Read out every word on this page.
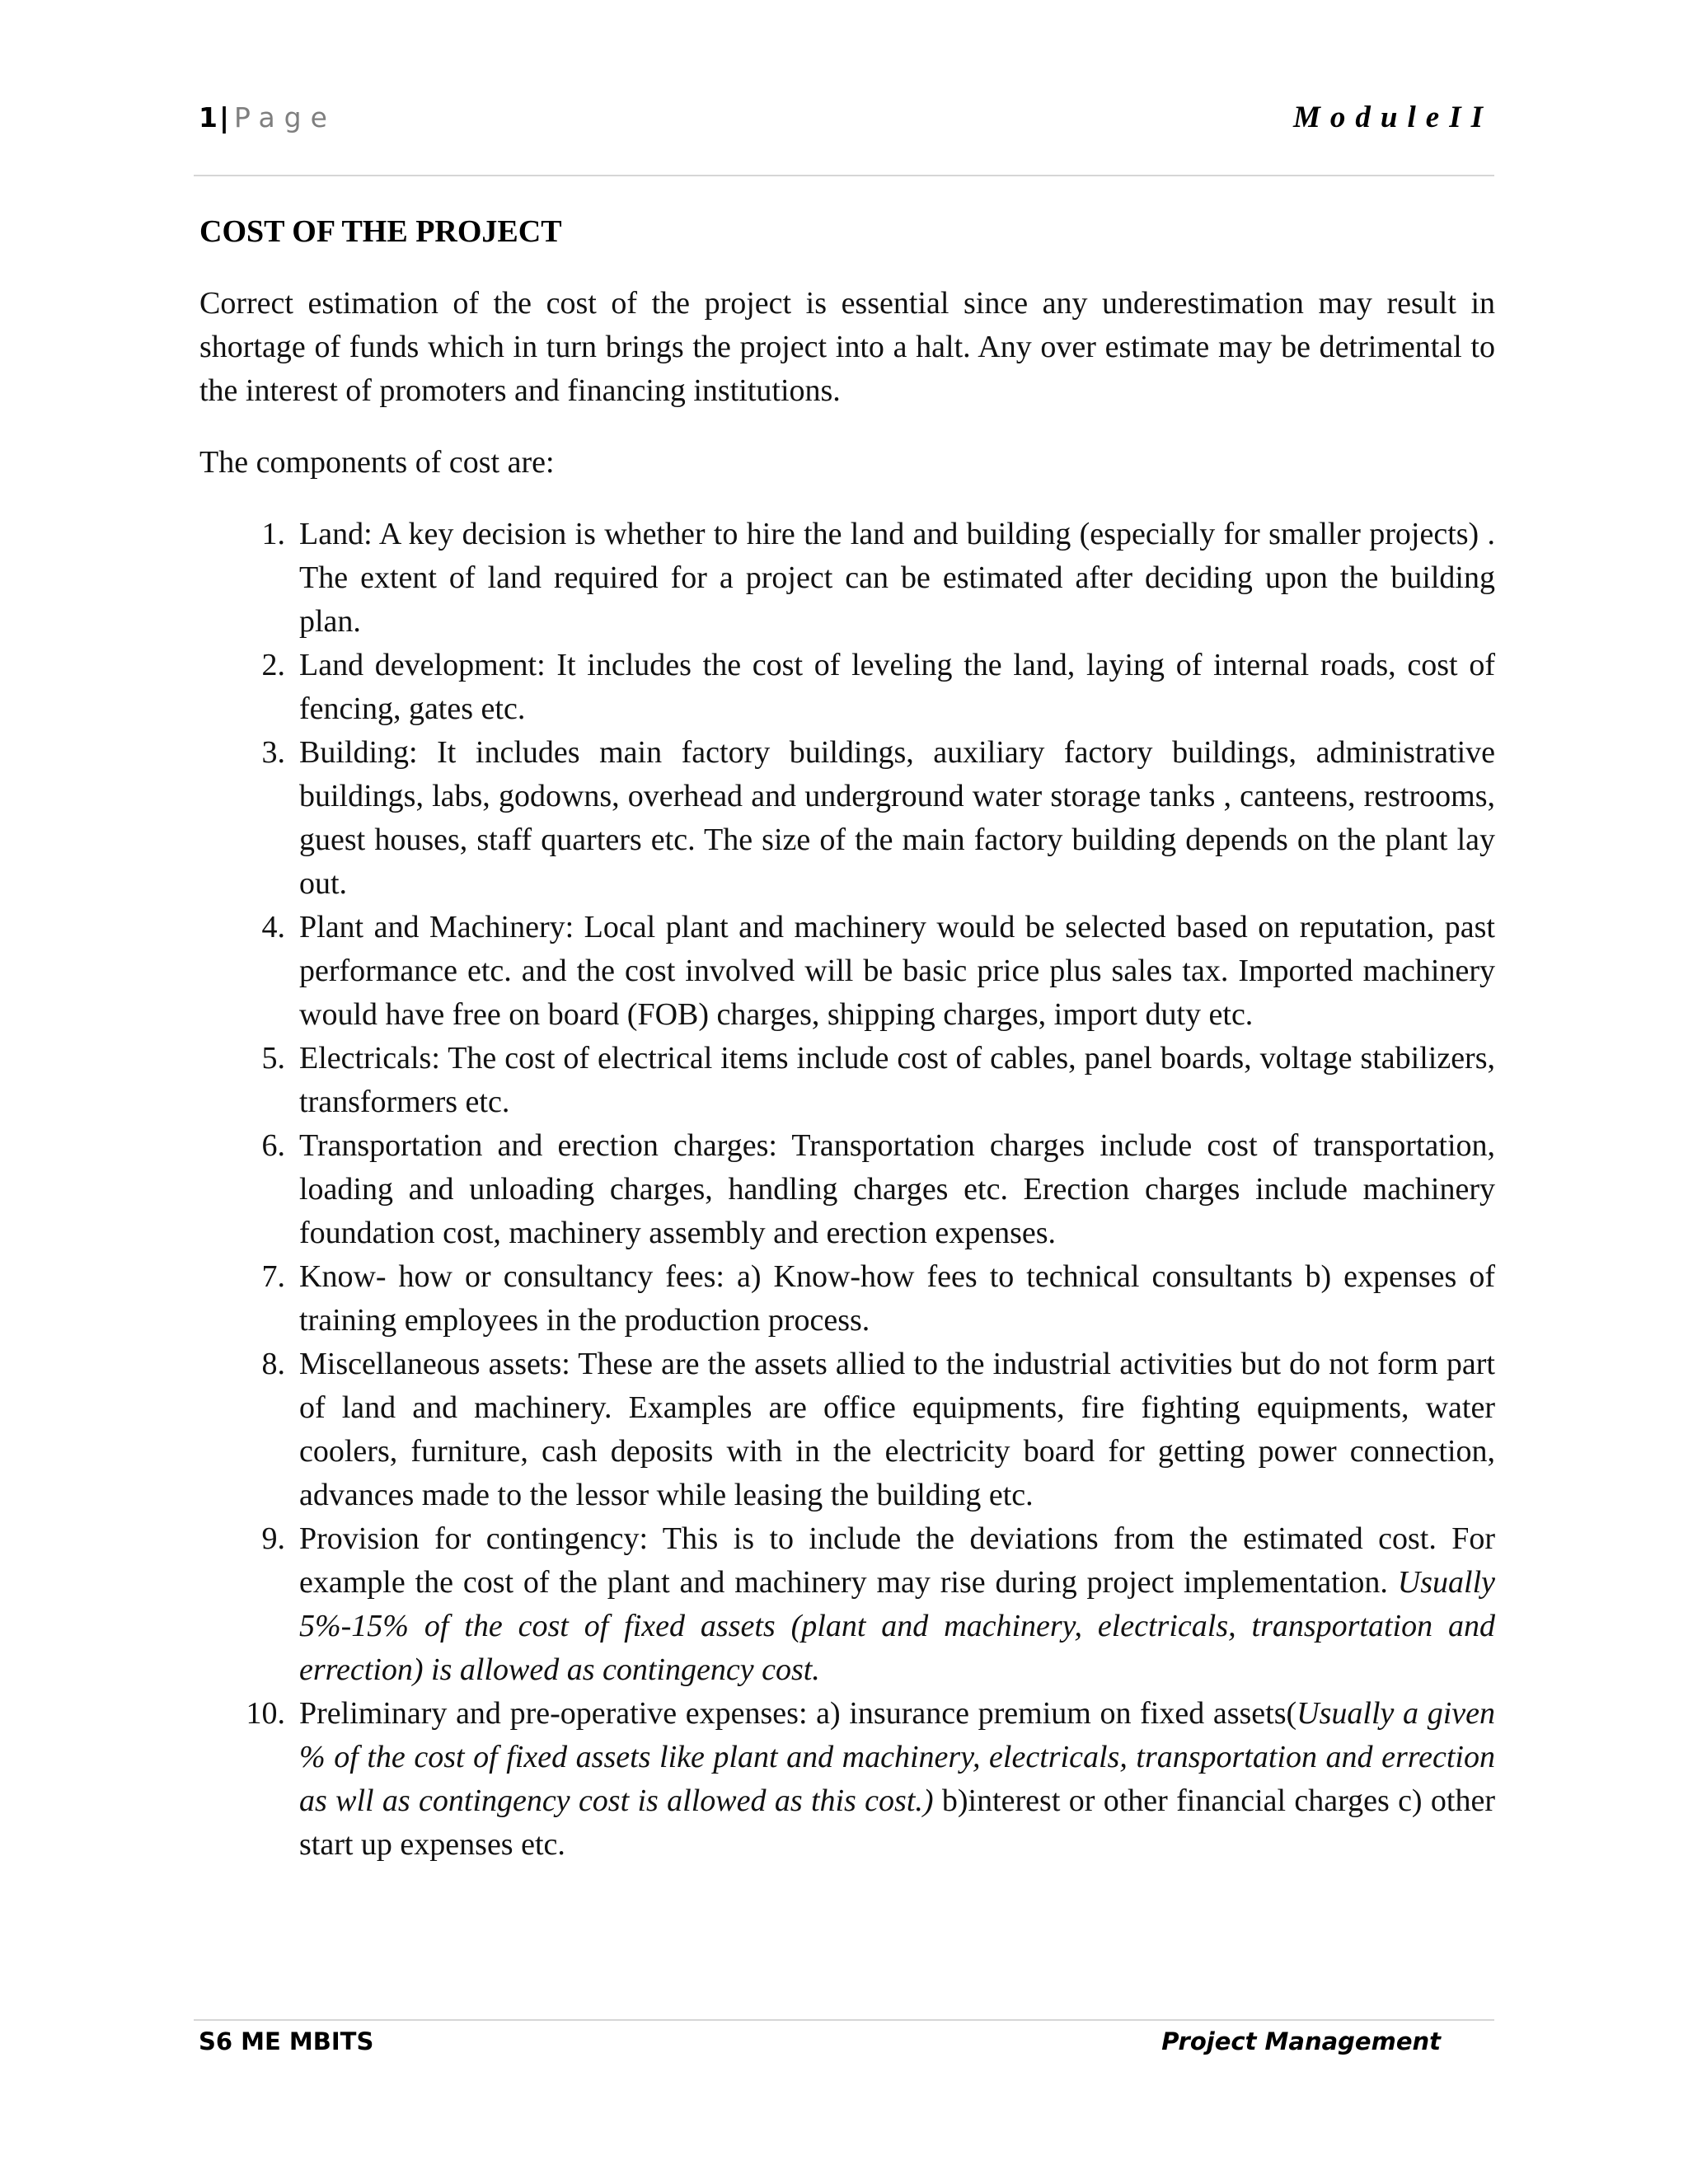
1| Page	ModuleII
COST OF THE PROJECT
Correct estimation of the cost of the project is essential since any underestimation may result in shortage of funds which in turn brings the project into a halt. Any over estimate may be detrimental to the interest of promoters and financing institutions.
The components of cost are:
1. Land: A key decision is whether to hire the land and building (especially for smaller projects) . The extent of land required for a project can be estimated after deciding upon the building plan.
2. Land development: It includes the cost of leveling the land, laying of internal roads, cost of fencing, gates etc.
3. Building: It includes main factory buildings, auxiliary factory buildings, administrative buildings, labs, godowns, overhead and underground water storage tanks , canteens, restrooms, guest houses, staff quarters etc. The size of the main factory building depends on the plant lay out.
4. Plant and Machinery: Local plant and machinery would be selected based on reputation, past performance etc. and the cost involved will be basic price plus sales tax. Imported machinery would have free on board (FOB) charges, shipping charges, import duty etc.
5. Electricals: The cost of electrical items include cost of cables, panel boards, voltage stabilizers, transformers etc.
6. Transportation and erection charges: Transportation charges include cost of transportation, loading and unloading charges, handling charges etc. Erection charges include machinery foundation cost, machinery assembly and erection expenses.
7. Know- how or consultancy fees: a) Know-how fees to technical consultants b) expenses of training employees in the production process.
8. Miscellaneous assets: These are the assets allied to the industrial activities but do not form part of land and machinery. Examples are office equipments, fire fighting equipments, water coolers, furniture, cash deposits with in the electricity board for getting power connection, advances made to the lessor while leasing the building etc.
9. Provision for contingency: This is to include the deviations from the estimated cost. For example the cost of the plant and machinery may rise during project implementation. Usually 5%-15% of the cost of fixed assets (plant and machinery, electricals, transportation and errection) is allowed as contingency cost.
10. Preliminary and pre-operative expenses: a) insurance premium on fixed assets(Usually a given % of the cost of fixed assets like plant and machinery, electricals, transportation and errection as wll as contingency cost is allowed as this cost.) b)interest or other financial charges c) other start up expenses etc.
S6 ME MBITS	Project Management
